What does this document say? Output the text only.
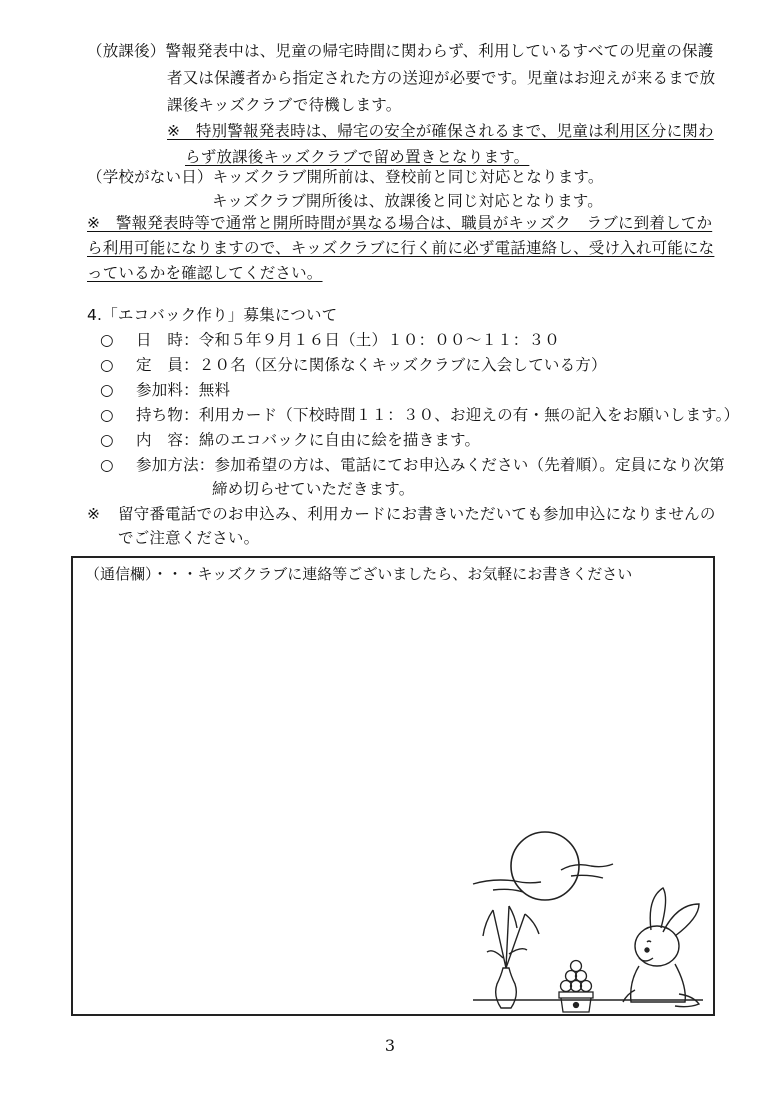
（放課後）警報発表中は、児童の帰宅時間に関わらず、利用しているすべての児童の保護
者又は保護者から指定された方の送迎が必要です。児童はお迎えが来るまで放
課後キッズクラブで待機します。
※　特別警報発表時は、帰宅の安全が確保されるまで、児童は利用区分に関わ
らず放課後キッズクラブで留め置きとなります。
（学校がない日）キッズクラブ開所前は、登校前と同じ対応となります。
キッズクラブ開所後は、放課後と同じ対応となります。
※　警報発表時等で通常と開所時間が異なる場合は、職員がキッズク　ラブに到着してか
ら利用可能になりますので、キッズクラブに行く前に必ず電話連絡し、受け入れ可能にな
っているかを確認してください。
4.「エコバック作り」募集について
○ 日　時：令和５年９月１６日（土）１０：００～１１：３０
○ 定　員：２０名（区分に関係なくキッズクラブに入会している方）
○ 参加料：無料
○ 持ち物：利用カード（下校時間１１：３０、お迎えの有・無の記入をお願いします。）
○ 内　容：綿のエコバックに自由に絵を描きます。
○ 参加方法：参加希望の方は、電話にてお申込みください（先着順）。定員になり次第
締め切らせていただきます。
※ 留守番電話でのお申込み、利用カードにお書きいただいても参加申込になりませんの
でご注意ください。
（通信欄）・・・キッズクラブに連絡等ございましたら、お気軽にお書きください
3
